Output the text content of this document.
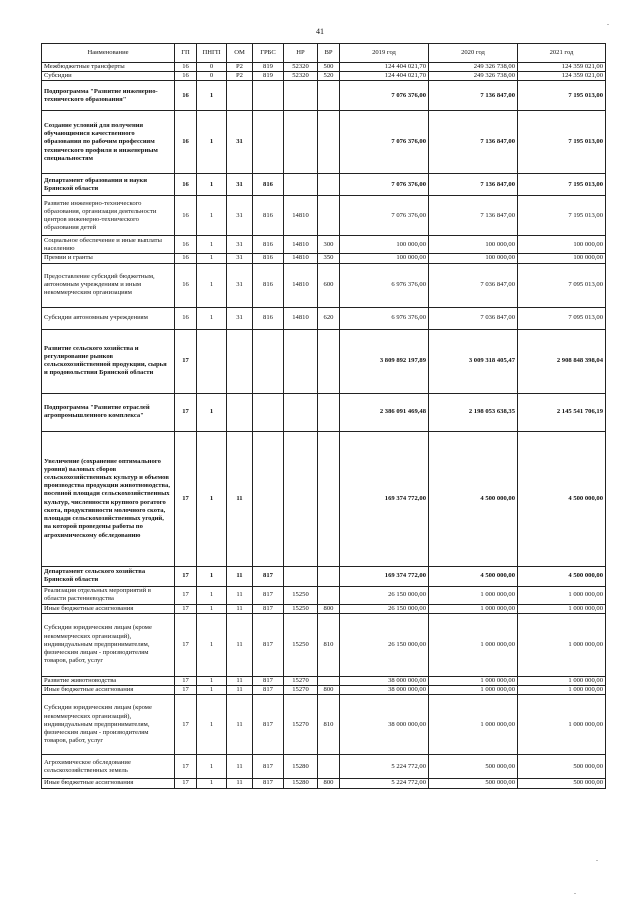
41
Наименование	ГП	ПНГП	ОМ	ГРБС	НР	ВР	2019 год	2020 год	2021 год
Межбюджетные трансферты	16	0	P2	819	52320	500	124 404 021,70	249 326 738,00	124 359 021,00
Субсидии	16	0	P2	819	52320	520	124 404 021,70	249 326 738,00	124 359 021,00
Подпрограмма "Развитие инженерно-технического образования"	16	1					7 076 376,00	7 136 847,00	7 195 013,00
Создание условий для получения обучающимися качественного образования по рабочим профессиям технического профиля и инженерным специальностям	16	1	31				7 076 376,00	7 136 847,00	7 195 013,00
Департамент образования и науки Брянской области	16	1	31	816			7 076 376,00	7 136 847,00	7 195 013,00
Развитие инженерно-технического образования, организация деятельности центров инженерно-технического образования детей	16	1	31	816	14810		7 076 376,00	7 136 847,00	7 195 013,00
Социальное обеспечение и иные выплаты населению	16	1	31	816	14810	300	100 000,00	100 000,00	100 000,00
Премии и гранты	16	1	31	816	14810	350	100 000,00	100 000,00	100 000,00
Предоставление субсидий бюджетным, автономным учреждениям и иным некоммерческим организациям	16	1	31	816	14810	600	6 976 376,00	7 036 847,00	7 095 013,00
Субсидии автономным учреждениям	16	1	31	816	14810	620	6 976 376,00	7 036 847,00	7 095 013,00
Развитие сельского хозяйства и регулирование рынков сельскохозяйственной продукции, сырья и продовольствия Брянской области	17						3 809 892 197,89	3 009 318 405,47	2 908 848 398,04
Подпрограмма "Развитие отраслей агропромышленного комплекса"	17	1					2 386 091 469,48	2 198 053 638,35	2 145 541 706,19
Увеличение (сохранение оптимального уровня) валовых сборов сельскохозяйственных культур и объемов производства продукции животноводства, посевной площади сельскохозяйственных культур, численности крупного рогатого скота, продуктивности молочного скота, площади сельскохозяйственных угодий, на которой проведены работы по агрохимическому обследованию	17	1	11				169 374 772,00	4 500 000,00	4 500 000,00
Департамент сельского хозяйства Брянской области	17	1	11	817			169 374 772,00	4 500 000,00	4 500 000,00
Реализация отдельных мероприятий в области растениеводства	17	1	11	817	15250		26 150 000,00	1 000 000,00	1 000 000,00
Иные бюджетные ассигнования	17	1	11	817	15250	800	26 150 000,00	1 000 000,00	1 000 000,00
Субсидии юридическим лицам (кроме некоммерческих организаций), индивидуальным предпринимателям, физическим лицам - производителям товаров, работ, услуг	17	1	11	817	15250	810	26 150 000,00	1 000 000,00	1 000 000,00
Развитие животноводства	17	1	11	817	15270		38 000 000,00	1 000 000,00	1 000 000,00
Иные бюджетные ассигнования	17	1	11	817	15270	800	38 000 000,00	1 000 000,00	1 000 000,00
Субсидии юридическим лицам (кроме некоммерческих организаций), индивидуальным предпринимателям, физическим лицам - производителям товаров, работ, услуг	17	1	11	817	15270	810	38 000 000,00	1 000 000,00	1 000 000,00
Агрохимическое обследование сельскохозяйственных земель	17	1	11	817	15280		5 224 772,00	500 000,00	500 000,00
Иные бюджетные ассигнования	17	1	11	817	15280	800	5 224 772,00	500 000,00	500 000,00
